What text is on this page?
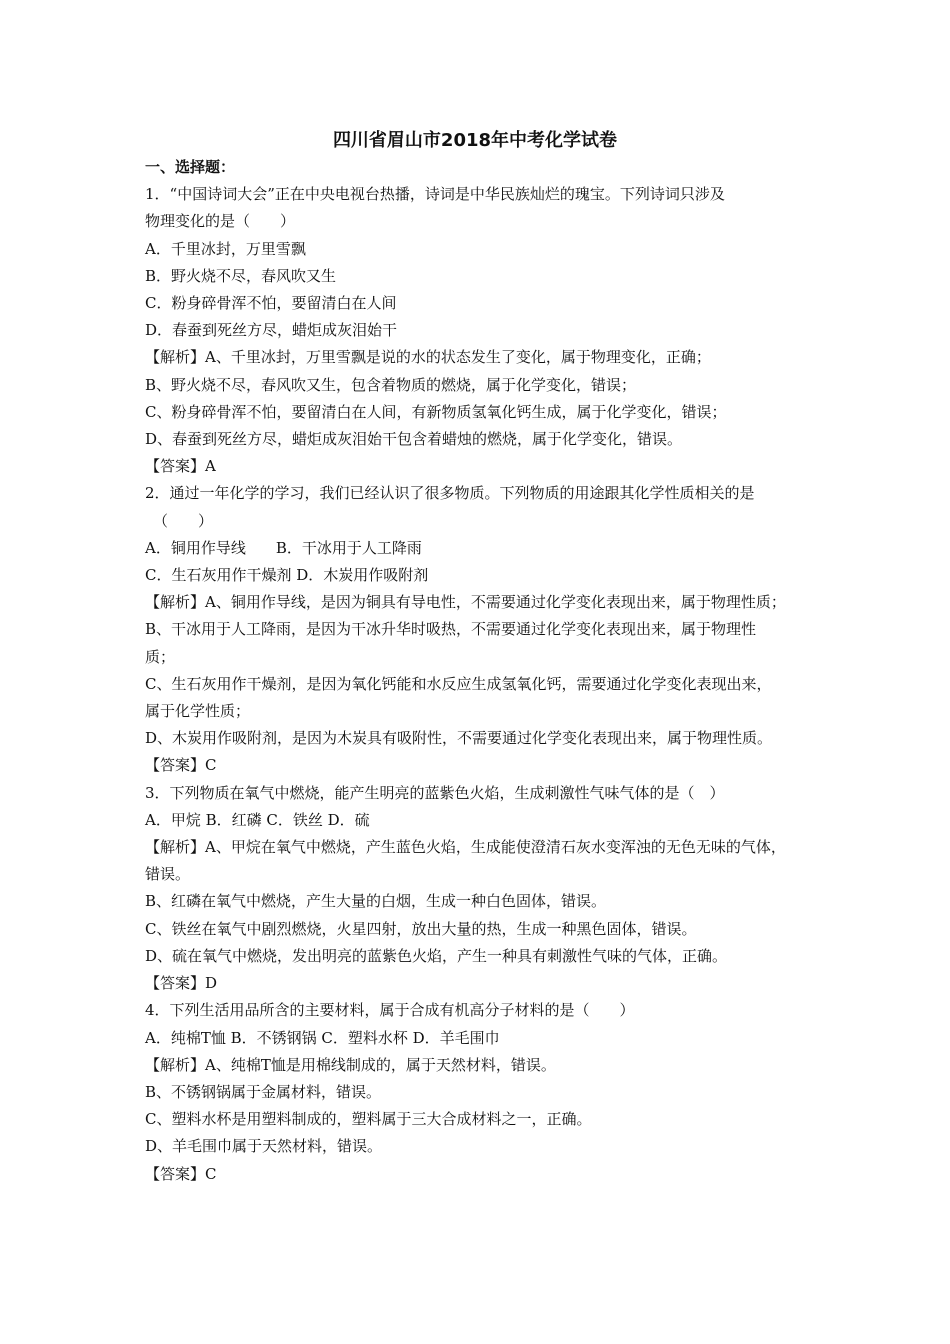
四川省眉山市2018年中考化学试卷
一、选择题：
1．“中国诗词大会”正在中央电视台热播，诗词是中华民族灿烂的瑰宝。下列诗词只涉及
物理变化的是（　　）
A．千里冰封，万里雪飘
B．野火烧不尽，春风吹又生
C．粉身碎骨浑不怕，要留清白在人间
D．春蚕到死丝方尽，蜡炬成灰泪始干
【解析】A、千里冰封，万里雪飘是说的水的状态发生了变化，属于物理变化，正确；
B、野火烧不尽，春风吹又生，包含着物质的燃烧，属于化学变化，错误；
C、粉身碎骨浑不怕，要留清白在人间，有新物质氢氧化钙生成，属于化学变化，错误；
D、春蚕到死丝方尽，蜡炬成灰泪始干包含着蜡烛的燃烧，属于化学变化，错误。
【答案】A
2．通过一年化学的学习，我们已经认识了很多物质。下列物质的用途跟其化学性质相关的是
（　　）
A．铜用作导线　　B．干冰用于人工降雨
C．生石灰用作干燥剂 D．木炭用作吸附剂
【解析】A、铜用作导线，是因为铜具有导电性，不需要通过化学变化表现出来，属于物理性质；
B、干冰用于人工降雨，是因为干冰升华时吸热，不需要通过化学变化表现出来，属于物理性
质；
C、生石灰用作干燥剂，是因为氧化钙能和水反应生成氢氧化钙，需要通过化学变化表现出来，
属于化学性质；
D、木炭用作吸附剂，是因为木炭具有吸附性，不需要通过化学变化表现出来，属于物理性质。
【答案】C
3．下列物质在氧气中燃烧，能产生明亮的蓝紫色火焰，生成刺激性气味气体的是（　）
A．甲烷 B．红磷 C．铁丝 D．硫
【解析】A、甲烷在氧气中燃烧，产生蓝色火焰，生成能使澄清石灰水变浑浊的无色无味的气体，
错误。
B、红磷在氧气中燃烧，产生大量的白烟，生成一种白色固体，错误。
C、铁丝在氧气中剧烈燃烧，火星四射，放出大量的热，生成一种黑色固体，错误。
D、硫在氧气中燃烧，发出明亮的蓝紫色火焰，产生一种具有刺激性气味的气体，正确。
【答案】D
4．下列生活用品所含的主要材料，属于合成有机高分子材料的是（　　）
A．纯棉T恤 B．不锈钢锅 C．塑料水杯 D．羊毛围巾
【解析】A、纯棉T恤是用棉线制成的，属于天然材料，错误。
B、不锈钢锅属于金属材料，错误。
C、塑料水杯是用塑料制成的，塑料属于三大合成材料之一，正确。
D、羊毛围巾属于天然材料，错误。
【答案】C
